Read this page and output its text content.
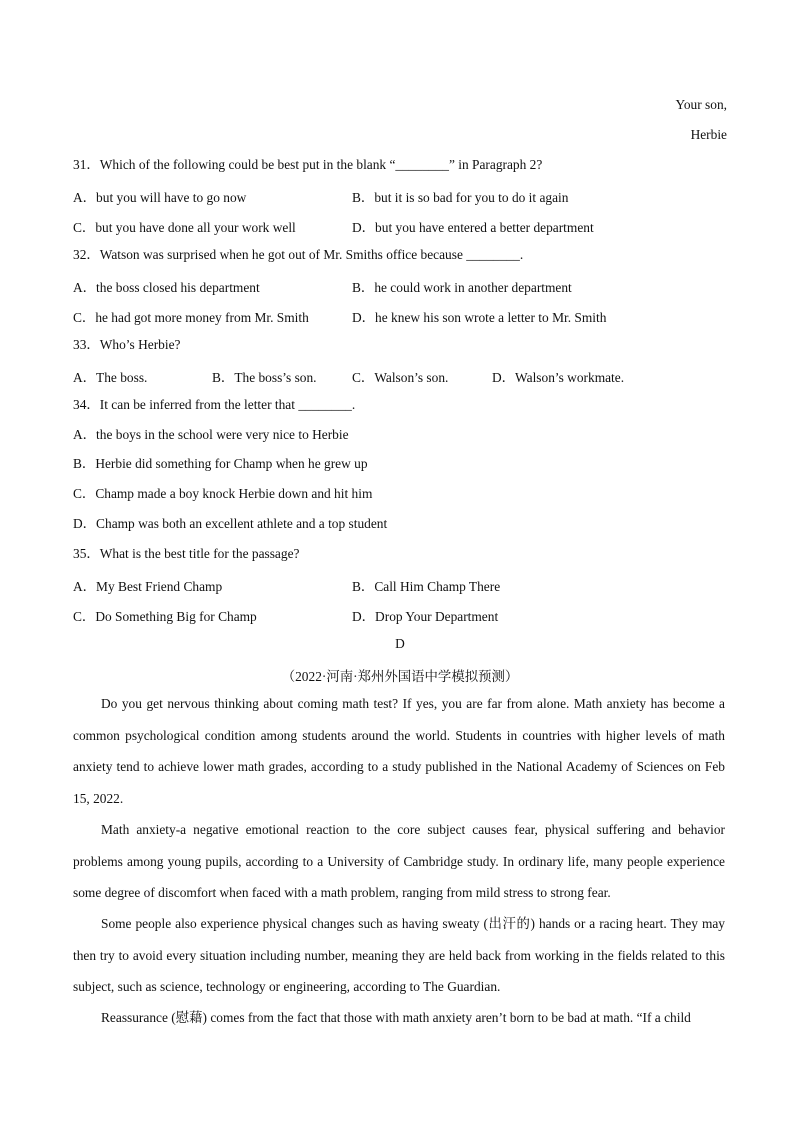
Your son,
Herbie
31．Which of the following could be best put in the blank “________” in Paragraph 2?
A．but you will have to go now	B．but it is so bad for you to do it again
C．but you have done all your work well	D．but you have entered a better department
32．Watson was surprised when he got out of Mr. Smiths office because ________.
A．the boss closed his department	B．he could work in another department
C．he had got more money from Mr. Smith	D．he knew his son wrote a letter to Mr. Smith
33．Who’s Herbie?
A．The boss.	B．The boss’s son.	C．Walson’s son.	D．Walson’s workmate.
34．It can be inferred from the letter that ________.
A．the boys in the school were very nice to Herbie
B．Herbie did something for Champ when he grew up
C．Champ made a boy knock Herbie down and hit him
D．Champ was both an excellent athlete and a top student
35．What is the best title for the passage?
A．My Best Friend Champ	B．Call Him Champ There
C．Do Something Big for Champ	D．Drop Your Department
D
（2022·河南·郑州外国语中学模拟预测）
Do you get nervous thinking about coming math test? If yes, you are far from alone. Math anxiety has become a common psychological condition among students around the world. Students in countries with higher levels of math anxiety tend to achieve lower math grades, according to a study published in the National Academy of Sciences on Feb 15, 2022.
Math anxiety-a negative emotional reaction to the core subject causes fear, physical suffering and behavior problems among young pupils, according to a University of Cambridge study. In ordinary life, many people experience some degree of discomfort when faced with a math problem, ranging from mild stress to strong fear.
Some people also experience physical changes such as having sweaty (出汗的) hands or a racing heart. They may then try to avoid every situation including number, meaning they are held back from working in the fields related to this subject, such as science, technology or engineering, according to The Guardian.
Reassurance (慰藉) comes from the fact that those with math anxiety aren’t born to be bad at math. “If a child
